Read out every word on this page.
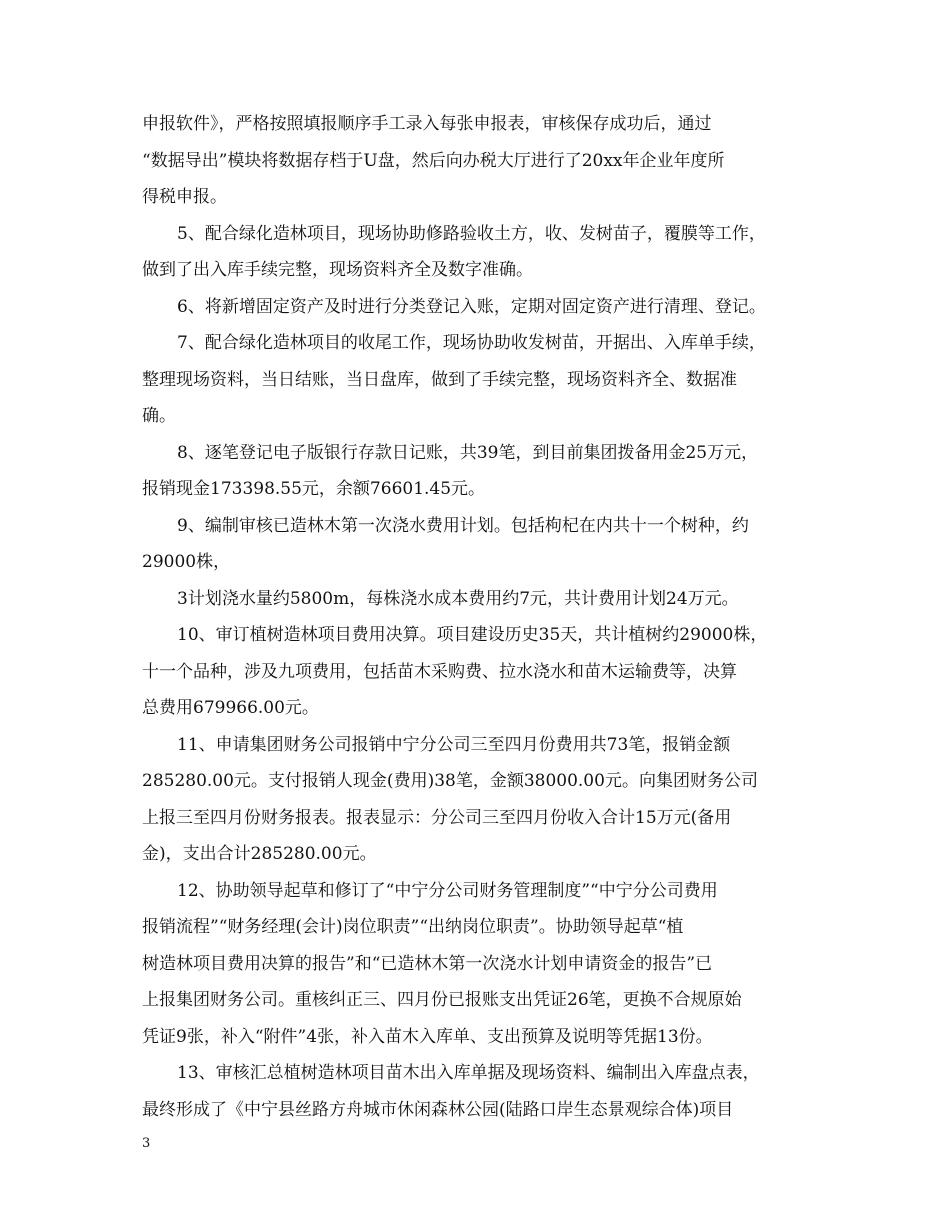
申报软件》，严格按照填报顺序手工录入每张申报表，审核保存成功后，通过

“数据导出”模块将数据存档于U盘，然后向办税大厅进行了20xx年企业年度所

得税申报。

5、配合绿化造林项目，现场协助修路验收土方，收、发树苗子，覆膜等工作，

做到了出入库手续完整，现场资料齐全及数字准确。

6、将新增固定资产及时进行分类登记入账，定期对固定资产进行清理、登记。

7、配合绿化造林项目的收尾工作，现场协助收发树苗，开据出、入库单手续，

整理现场资料，当日结账，当日盘库，做到了手续完整，现场资料齐全、数据准

确。

8、逐笔登记电子版银行存款日记账，共39笔，到目前集团拨备用金25万元，

报销现金173398.55元，余额76601.45元。

9、编制审核已造林木第一次浇水费用计划。包括枸杞在内共十一个树种，约

29000株，

3计划浇水量约5800m，每株浇水成本费用约7元，共计费用计划24万元。

10、审订植树造林项目费用决算。项目建设历史35天，共计植树约29000株，

十一个品种，涉及九项费用，包括苗木采购费、拉水浇水和苗木运输费等，决算

总费用679966.00元。

11、申请集团财务公司报销中宁分公司三至四月份费用共73笔，报销金额

285280.00元。支付报销人现金(费用)38笔，金额38000.00元。向集团财务公司

上报三至四月份财务报表。报表显示：分公司三至四月份收入合计15万元(备用

金)，支出合计285280.00元。

12、协助领导起草和修订了“中宁分公司财务管理制度”“中宁分公司费用

报销流程”“财务经理(会计)岗位职责”“出纳岗位职责”。协助领导起草“植

树造林项目费用决算的报告”和“已造林木第一次浇水计划申请资金的报告”已

上报集团财务公司。重核纠正三、四月份已报账支出凭证26笔，更换不合规原始

凭证9张，补入“附件”4张，补入苗木入库单、支出预算及说明等凭据13份。

13、审核汇总植树造林项目苗木出入库单据及现场资料、编制出入库盘点表，

最终形成了《中宁县丝路方舟城市休闲森林公园(陆路口岸生态景观综合体)项目

3
